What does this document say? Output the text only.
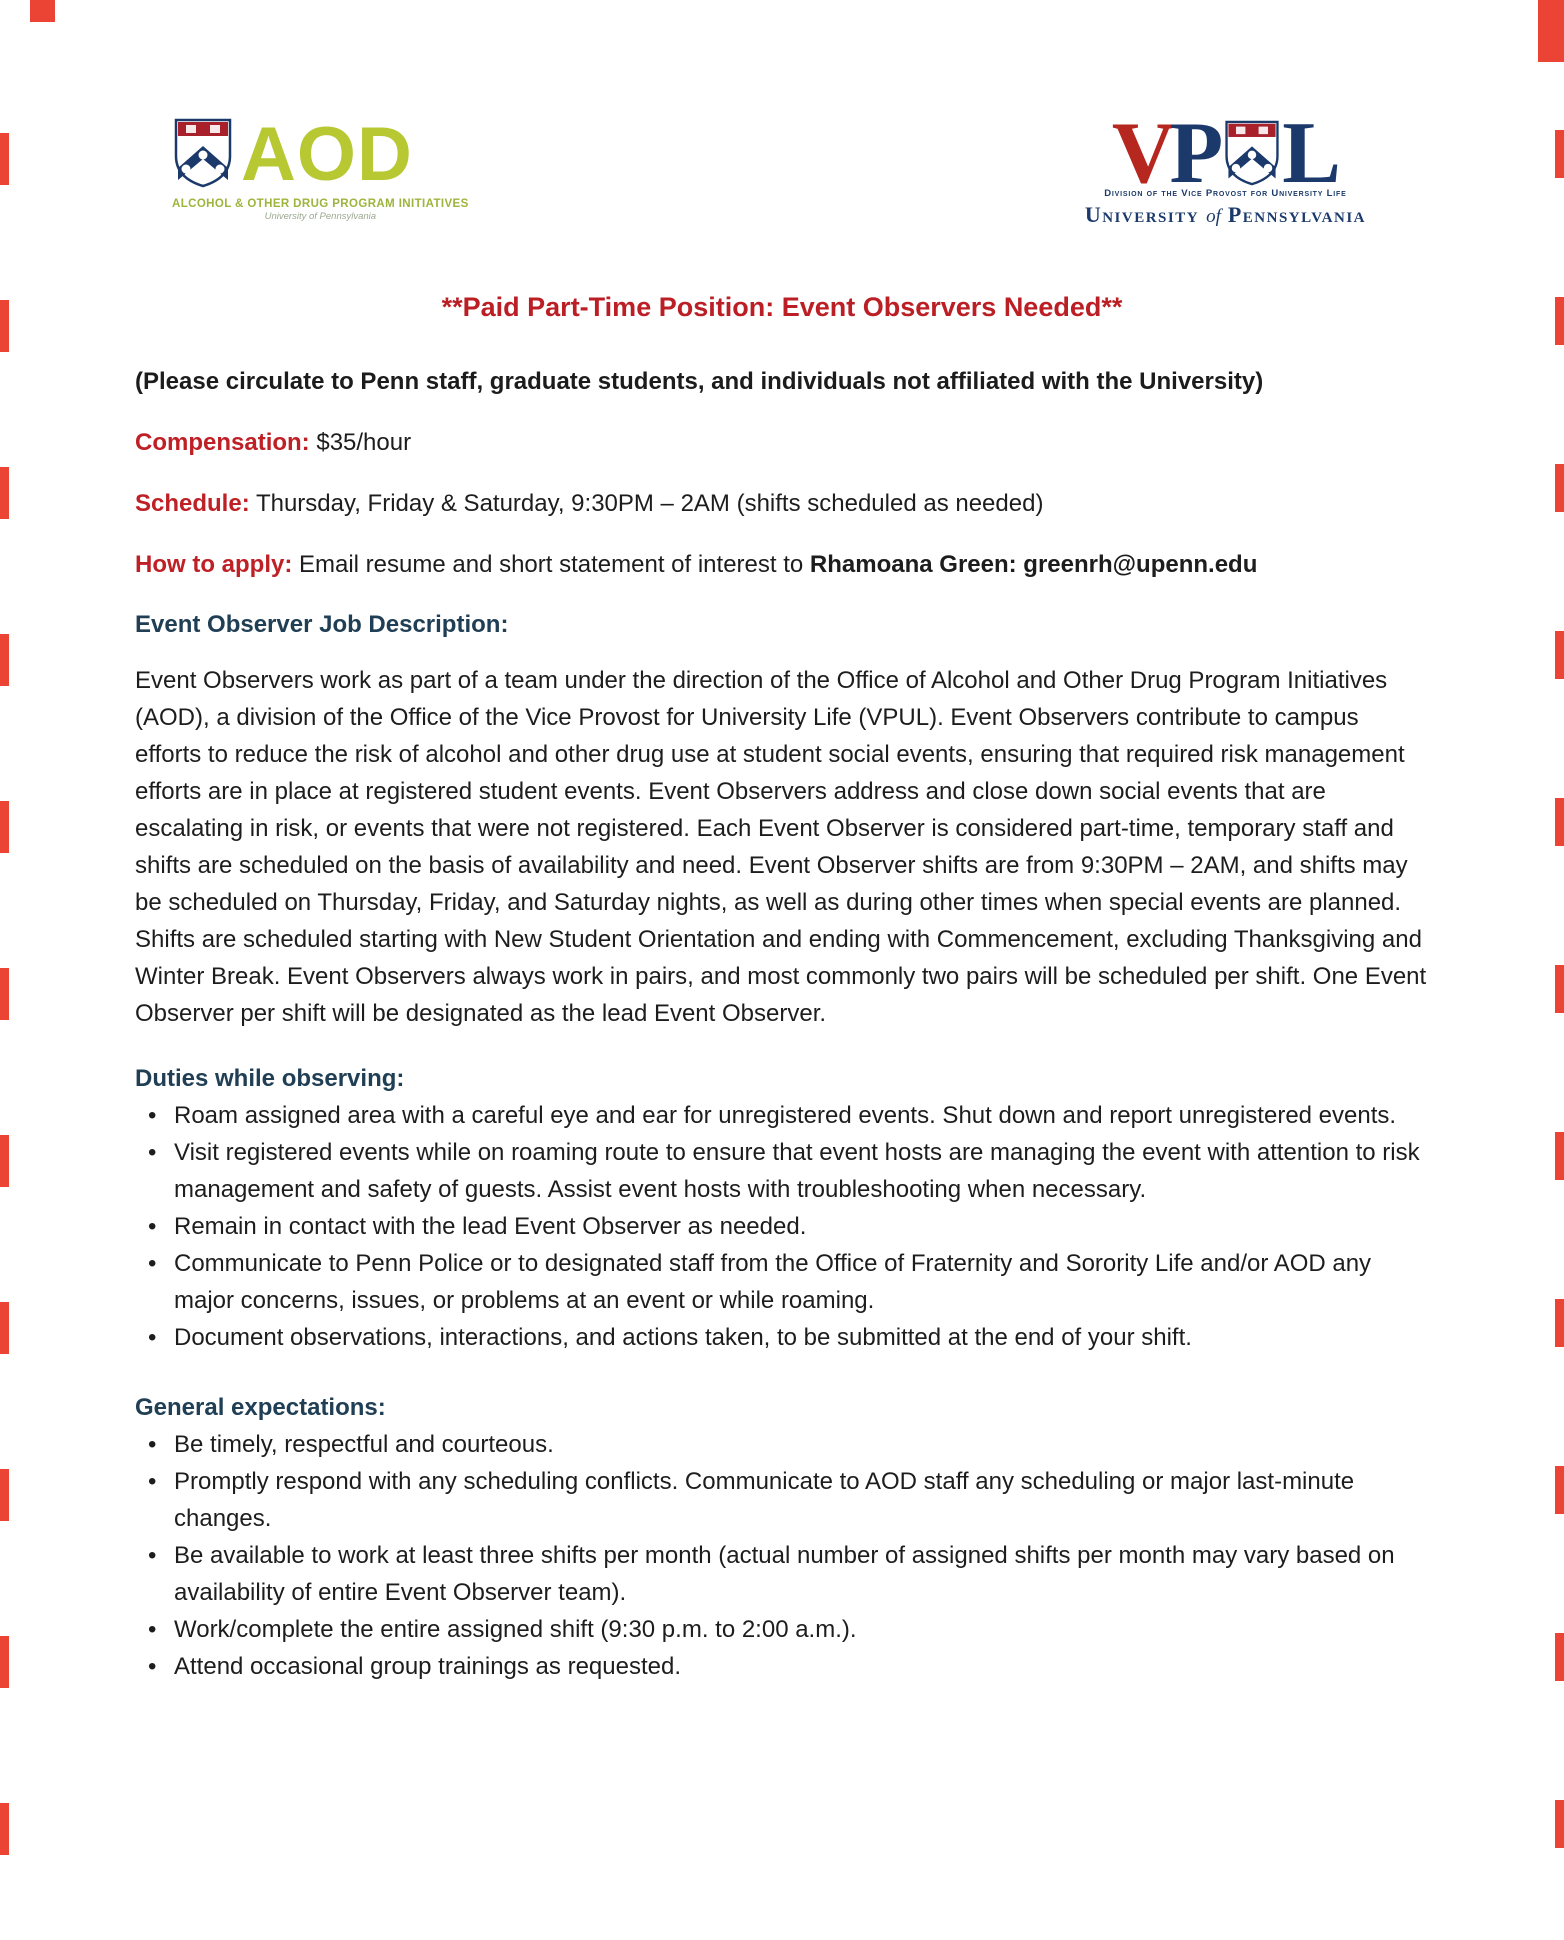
AOD
ALCOHOL & OTHER DRUG PROGRAM INITIATIVES
University of Pennsylvania
V
P L
Division of the Vice Provost for University Life
University of Pennsylvania
**Paid Part-Time Position: Event Observers Needed**
(Please circulate to Penn staff, graduate students, and individuals not affiliated with the University)
Compensation: $35/hour
Schedule: Thursday, Friday & Saturday, 9:30PM – 2AM (shifts scheduled as needed)
How to apply: Email resume and short statement of interest to Rhamoana Green: greenrh@upenn.edu
Event Observer Job Description:
Event Observers work as part of a team under the direction of the Office of Alcohol and Other Drug Program Initiatives (AOD), a division of the Office of the Vice Provost for University Life (VPUL). Event Observers contribute to campus efforts to reduce the risk of alcohol and other drug use at student social events, ensuring that required risk management efforts are in place at registered student events. Event Observers address and close down social events that are escalating in risk, or events that were not registered. Each Event Observer is considered part-time, temporary staff and shifts are scheduled on the basis of availability and need. Event Observer shifts are from 9:30PM – 2AM, and shifts may be scheduled on Thursday, Friday, and Saturday nights, as well as during other times when special events are planned. Shifts are scheduled starting with New Student Orientation and ending with Commencement, excluding Thanksgiving and Winter Break. Event Observers always work in pairs, and most commonly two pairs will be scheduled per shift. One Event Observer per shift will be designated as the lead Event Observer.
Duties while observing:
• Roam assigned area with a careful eye and ear for unregistered events. Shut down and report unregistered events.
• Visit registered events while on roaming route to ensure that event hosts are managing the event with attention to risk management and safety of guests. Assist event hosts with troubleshooting when necessary.
• Remain in contact with the lead Event Observer as needed.
• Communicate to Penn Police or to designated staff from the Office of Fraternity and Sorority Life and/or AOD any major concerns, issues, or problems at an event or while roaming.
• Document observations, interactions, and actions taken, to be submitted at the end of your shift.
General expectations:
• Be timely, respectful and courteous.
• Promptly respond with any scheduling conflicts. Communicate to AOD staff any scheduling or major last-minute changes.
• Be available to work at least three shifts per month (actual number of assigned shifts per month may vary based on availability of entire Event Observer team).
• Work/complete the entire assigned shift (9:30 p.m. to 2:00 a.m.).
• Attend occasional group trainings as requested.
